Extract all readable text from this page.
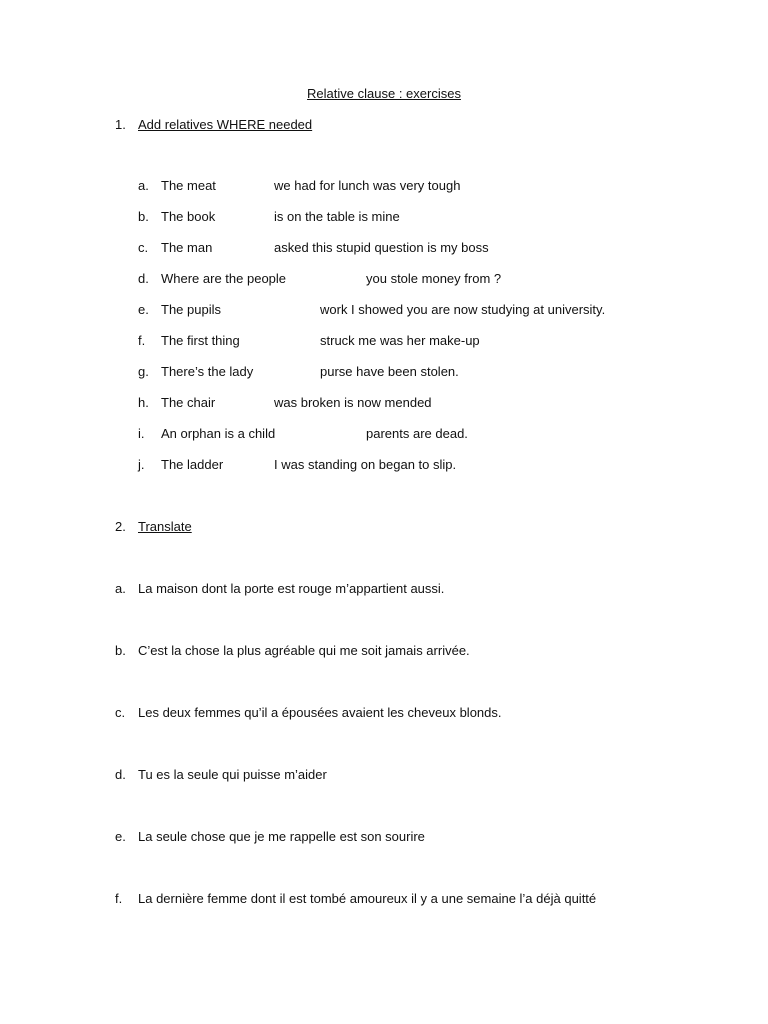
Relative clause : exercises
1. Add relatives WHERE needed
a. The meat	we had for lunch was very tough
b. The book	is on the table is mine
c. The man	asked this stupid question is my boss
d. Where are the people	you stole money from ?
e. The pupils	work I showed you are now studying at university.
f. The first thing	struck me was her make-up
g. There’s the lady	purse have been stolen.
h. The chair	was broken is now mended
i. An orphan is a child	parents are dead.
j. The ladder	I was standing on began to slip.
2. Translate
a. La maison dont la porte est rouge m’appartient aussi.
b. C’est la chose la plus agréable qui me soit jamais arrivée.
c. Les deux femmes qu’il a épousées avaient les cheveux blonds.
d. Tu es la seule qui puisse m’aider
e. La seule chose que je me rappelle est son sourire
f. La dernière femme dont il est tombé amoureux il y a une semaine l’a déjà quitté
